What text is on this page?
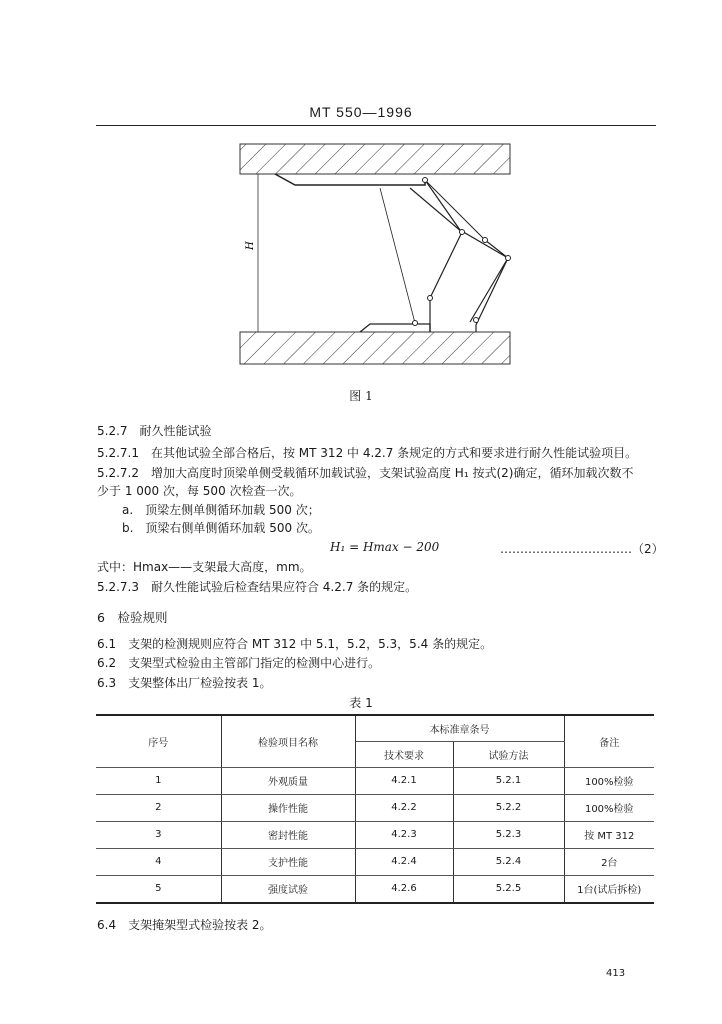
MT 550—1996
H
图 1
5.2.7　耐久性能试验
5.2.7.1　在其他试验全部合格后，按 MT 312 中 4.2.7 条规定的方式和要求进行耐久性能试验项目。
5.2.7.2　增加大高度时顶梁单侧受载循环加载试验，支架试验高度 H₁ 按式(2)确定，循环加载次数不
少于 1 000 次，每 500 次检查一次。
a.　顶梁左侧单侧循环加载 500 次；
b.　顶梁右侧单侧循环加载 500 次。
H₁ = Hmax − 200	……………………………（2）
式中：Hmax——支架最大高度，mm。
5.2.7.3　耐久性能试验后检查结果应符合 4.2.7 条的规定。
6　检验规则
6.1　支架的检测规则应符合 MT 312 中 5.1，5.2，5.3，5.4 条的规定。
6.2　支架型式检验由主管部门指定的检测中心进行。
6.3　支架整体出厂检验按表 1。
表 1
序号	检验项目名称	本标准章条号		备注
		技术要求	试验方法	
1	外观质量	4.2.1	5.2.1	100%检验
2	操作性能	4.2.2	5.2.2	100%检验
3	密封性能	4.2.3	5.2.3	按 MT 312
4	支护性能	4.2.4	5.2.4	2台
5	强度试验	4.2.6	5.2.5	1台(试后拆检)
6.4　支架掩架型式检验按表 2。
413
